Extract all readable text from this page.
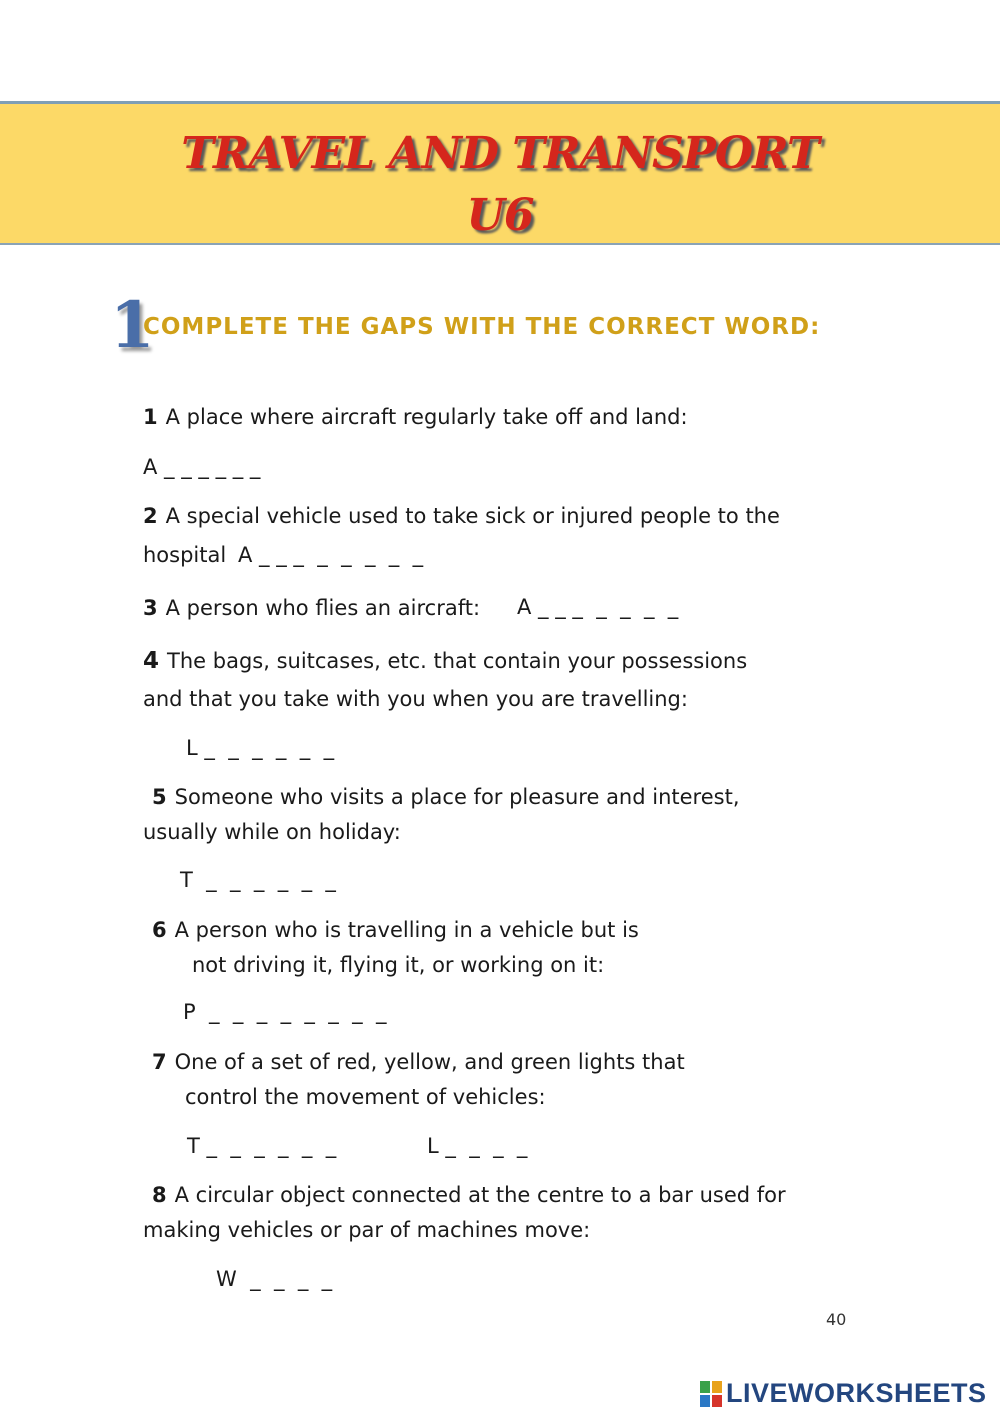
TRAVEL AND TRANSPORT
U6
1
COMPLETE THE GAPS WITH THE CORRECT WORD:
1 A place where aircraft regularly take off and land:
A _ _ _ _ _ _
2 A special vehicle used to take sick or injured people to the
hospital A _ _ _  _  _  _  _  _
3 A person who flies an aircraft: A _ _ _  _  _  _  _
4 The bags, suitcases, etc. that contain your possessions
and that you take with you when you are travelling:
L _  _  _  _  _  _
5 Someone who visits a place for pleasure and interest,
usually while on holiday:
T  _  _  _  _  _  _
6 A person who is travelling in a vehicle but is
not driving it, flying it, or working on it:
P  _  _  _  _  _  _  _  _
7 One of a set of red, yellow, and green lights that
control the movement of vehicles:
T _  _  _  _  _  _	L _  _  _  _
8 A circular object connected at the centre to a bar used for
making vehicles or par of machines move:
W  _  _  _  _
40
LIVEWORKSHEETS
